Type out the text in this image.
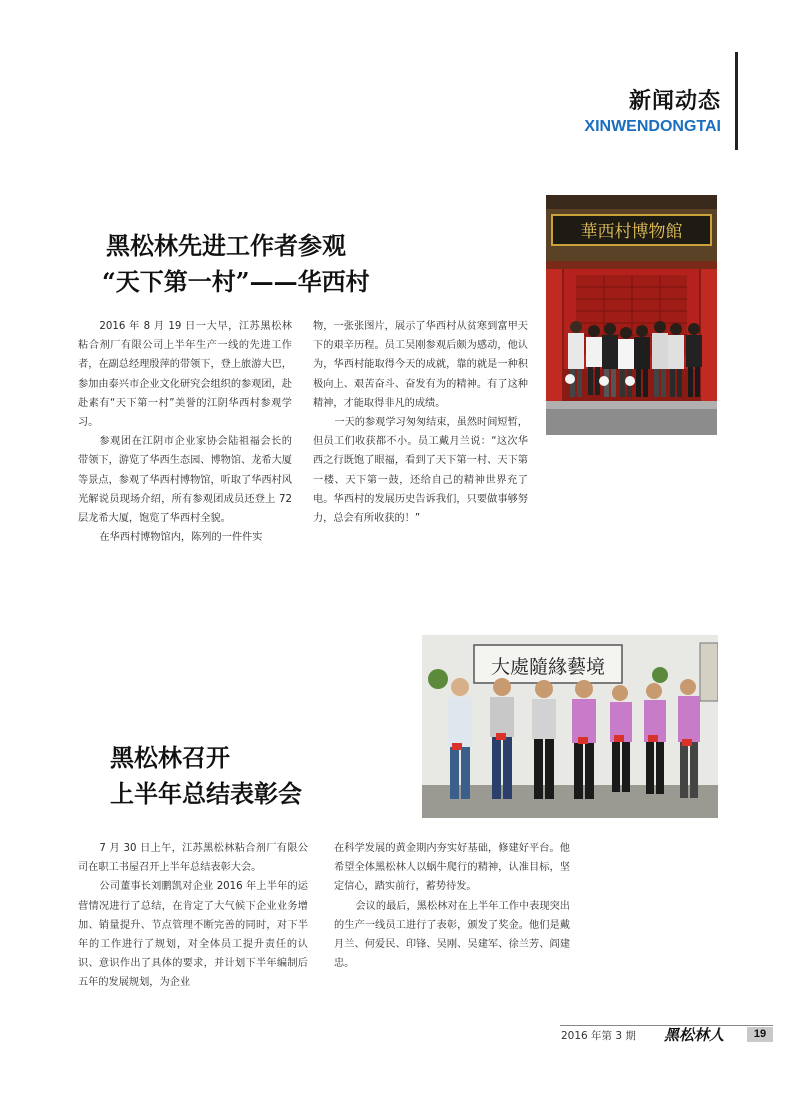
新闻动态
XINWENDONGTAI
黑松林先进工作者参观
“天下第一村”——华西村
華西村博物館

2016 年 8 月 19 日一大早，江苏黑松林粘合剂厂有限公司上半年生产一线的先进工作者，在副总经理殷萍的带领下，登上旅游大巴，参加由泰兴市企业文化研究会组织的参观团，赴赴素有“天下第一村”美誉的江阴华西村参观学习。

参观团在江阴市企业家协会陆祖福会长的带领下，游览了华西生态园、博物馆、龙希大厦等景点，参观了华西村博物馆，听取了华西村风光解说员现场介绍，所有参观团成员还登上 72 层龙希大厦，饱览了华西村全貌。

在华西村博物馆内，陈列的一件件实

物，一张张图片，展示了华西村从贫寒到富甲天下的艰辛历程。员工吴刚参观后颇为感动，他认为，华西村能取得今天的成就，靠的就是一种积极向上、艰苦奋斗、奋发有为的精神。有了这种精神，才能取得非凡的成绩。

一天的参观学习匆匆结束，虽然时间短暂，但员工们收获都不小。员工戴月兰说：“这次华西之行既饱了眼福，看到了天下第一村、天下第一楼、天下第一鼓，还给自己的精神世界充了电。华西村的发展历史告诉我们，只要做事够努力，总会有所收获的！”

大處隨緣藝境
黑松林召开
上半年总结表彰会

7 月 30 日上午，江苏黑松林粘合剂厂有限公司在职工书屋召开上半年总结表彰大会。

公司董事长刘鹏凯对企业 2016 年上半年的运营情况进行了总结，在肯定了大气候下企业业务增加、销量提升、节点管理不断完善的同时，对下半年的工作进行了规划，对全体员工提升责任的认识、意识作出了具体的要求，并计划下半年编制后五年的发展规划，为企业

在科学发展的黄金期内夯实好基础，修建好平台。他希望全体黑松林人以蜗牛爬行的精神，认准目标，坚定信心，踏实前行，蓄势待发。

会议的最后，黑松林对在上半年工作中表现突出的生产一线员工进行了表彰，颁发了奖金。他们是戴月兰、何爱民、印锋、吴刚、吴建军、徐兰芳、阎建忠。

2016 年第 3 期 黑松林人	19
